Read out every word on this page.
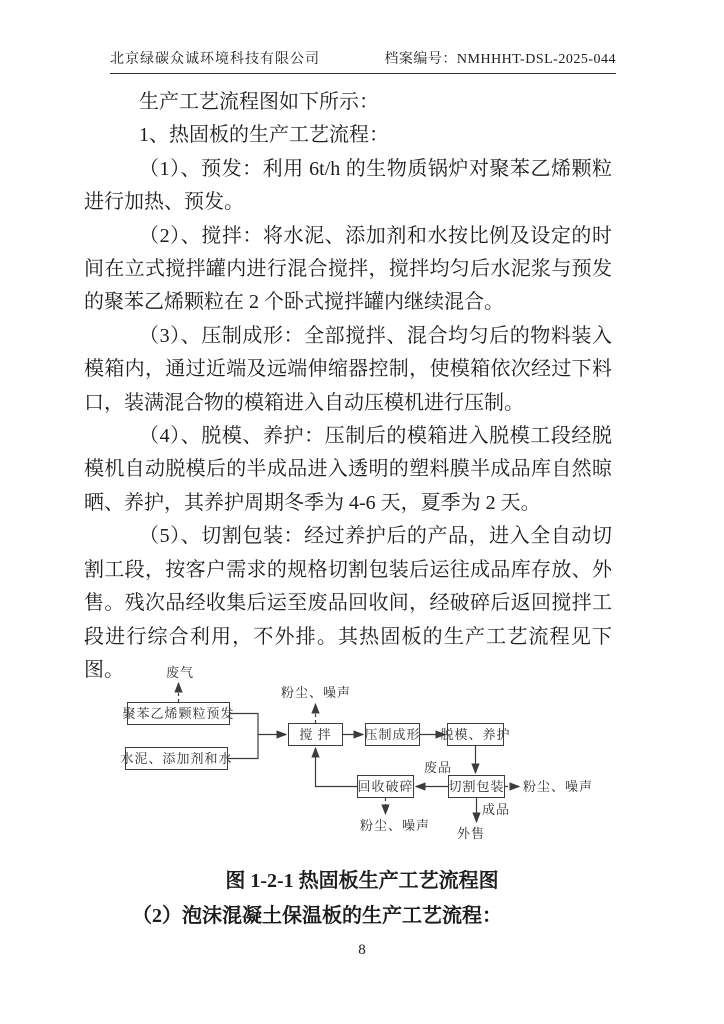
北京绿碳众诚环境科技有限公司	档案编号：NMHHHT-DSL-2025-044

生产工艺流程图如下所示：

1、热固板的生产工艺流程：

（1）、预发：利用 6t/h 的生物质锅炉对聚苯乙烯颗粒进行加热、预发。

（2）、搅拌：将水泥、添加剂和水按比例及设定的时间在立式搅拌罐内进行混合搅拌，搅拌均匀后水泥浆与预发的聚苯乙烯颗粒在 2 个卧式搅拌罐内继续混合。

（3）、压制成形：全部搅拌、混合均匀后的物料装入模箱内，通过近端及远端伸缩器控制，使模箱依次经过下料口，装满混合物的模箱进入自动压模机进行压制。

（4）、脱模、养护：压制后的模箱进入脱模工段经脱模机自动脱模后的半成品进入透明的塑料膜半成品库自然晾晒、养护，其养护周期冬季为 4-6 天，夏季为 2 天。

（5）、切割包装：经过养护后的产品，进入全自动切割工段，按客户需求的规格切割包装后运往成品库存放、外售。残次品经收集后运至废品回收间，经破碎后返回搅拌工段进行综合利用，不外排。其热固板的生产工艺流程见下图。

聚苯乙烯颗粒预发
水泥、添加剂和水
搅 拌	压制成形 脱模、养护
切割包装
回收破碎
废气
粉尘、噪声
粉尘、噪声
粉尘、噪声
废品
成品
外售
图 1-2-1 热固板生产工艺流程图
（2）泡沫混凝土保温板的生产工艺流程：
8
